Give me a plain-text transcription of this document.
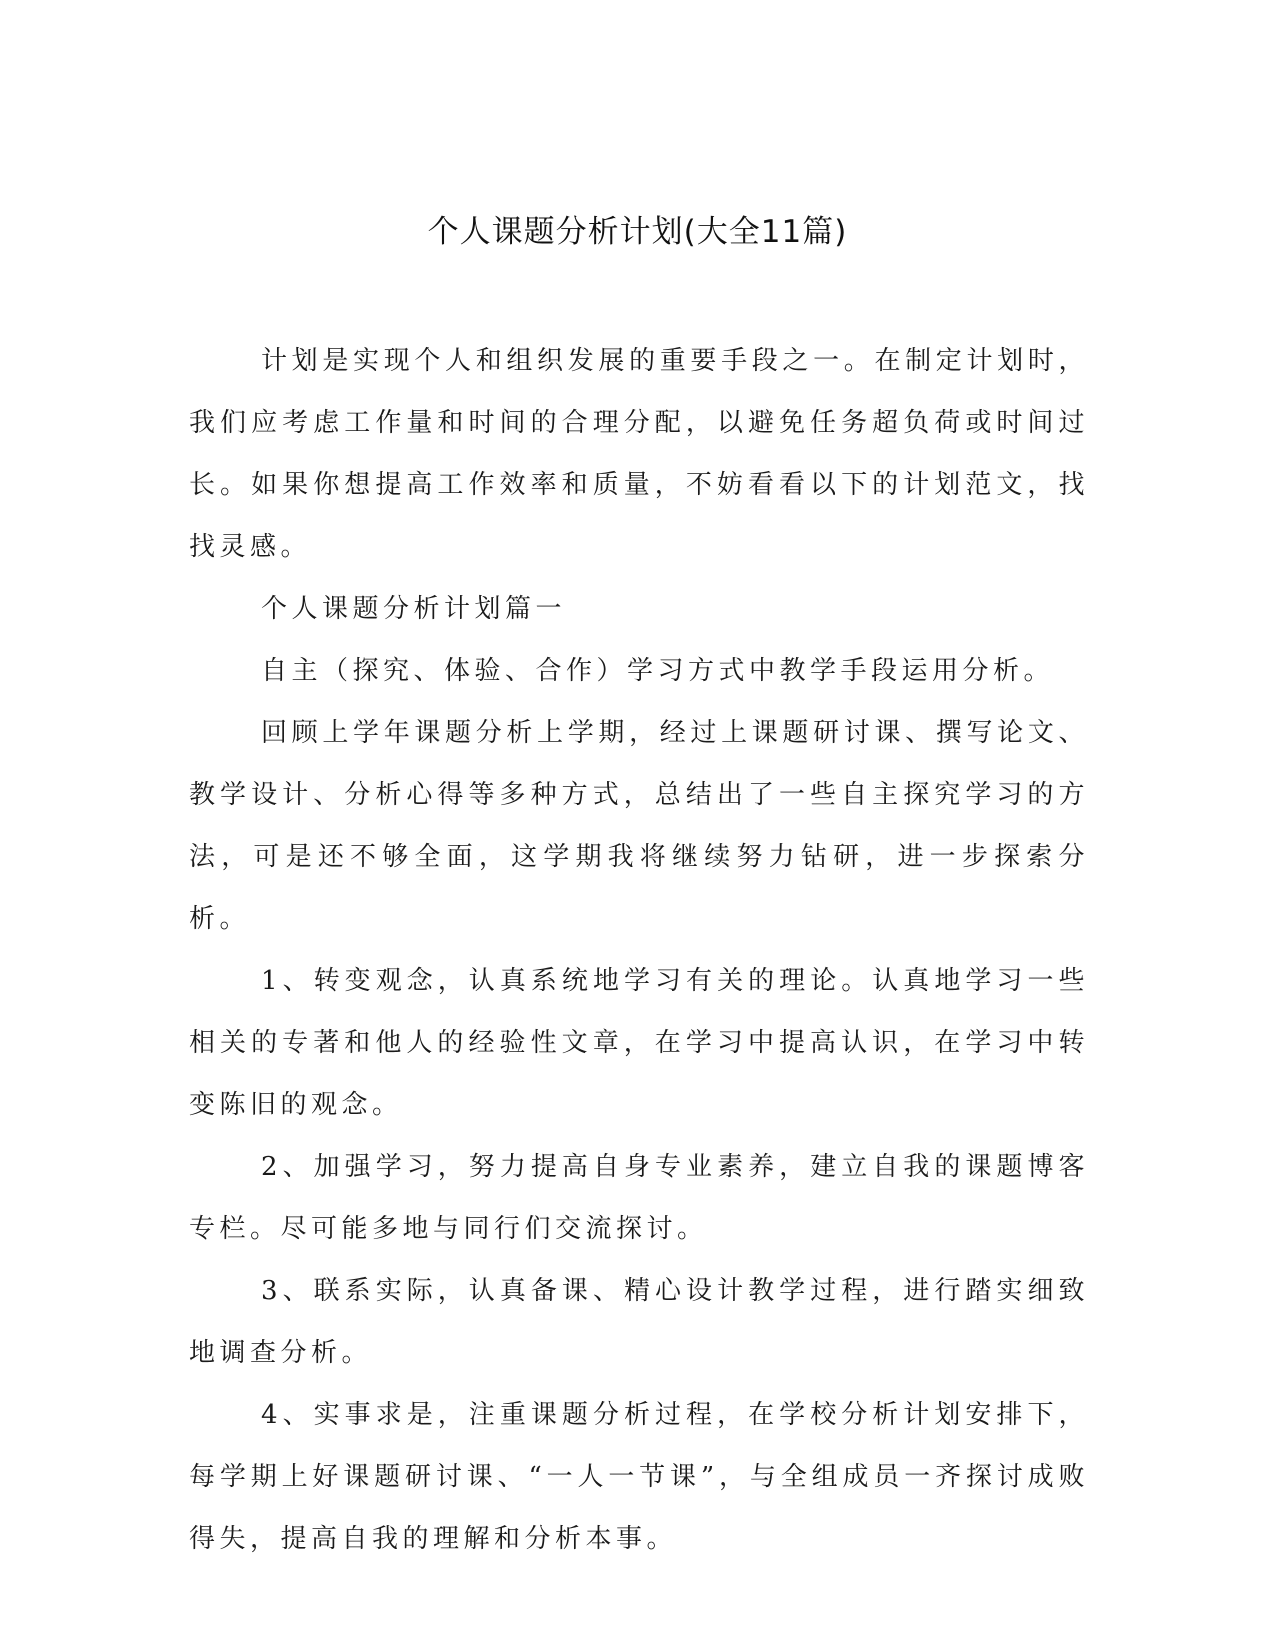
个人课题分析计划(大全11篇)

计划是实现个人和组织发展的重要手段之一。在制定计划时，我们应考虑工作量和时间的合理分配，以避免任务超负荷或时间过长。如果你想提高工作效率和质量，不妨看看以下的计划范文，找找灵感。

个人课题分析计划篇一

自主（探究、体验、合作）学习方式中教学手段运用分析。

回顾上学年课题分析上学期，经过上课题研讨课、撰写论文、教学设计、分析心得等多种方式，总结出了一些自主探究学习的方法，可是还不够全面，这学期我将继续努力钻研，进一步探索分析。

1、转变观念，认真系统地学习有关的理论。认真地学习一些相关的专著和他人的经验性文章，在学习中提高认识，在学习中转变陈旧的观念。

2、加强学习，努力提高自身专业素养，建立自我的课题博客专栏。尽可能多地与同行们交流探讨。

3、联系实际，认真备课、精心设计教学过程，进行踏实细致地调查分析。

4、实事求是，注重课题分析过程，在学校分析计划安排下，每学期上好课题研讨课、“一人一节课”，与全组成员一齐探讨成败得失，提高自我的理解和分析本事。
